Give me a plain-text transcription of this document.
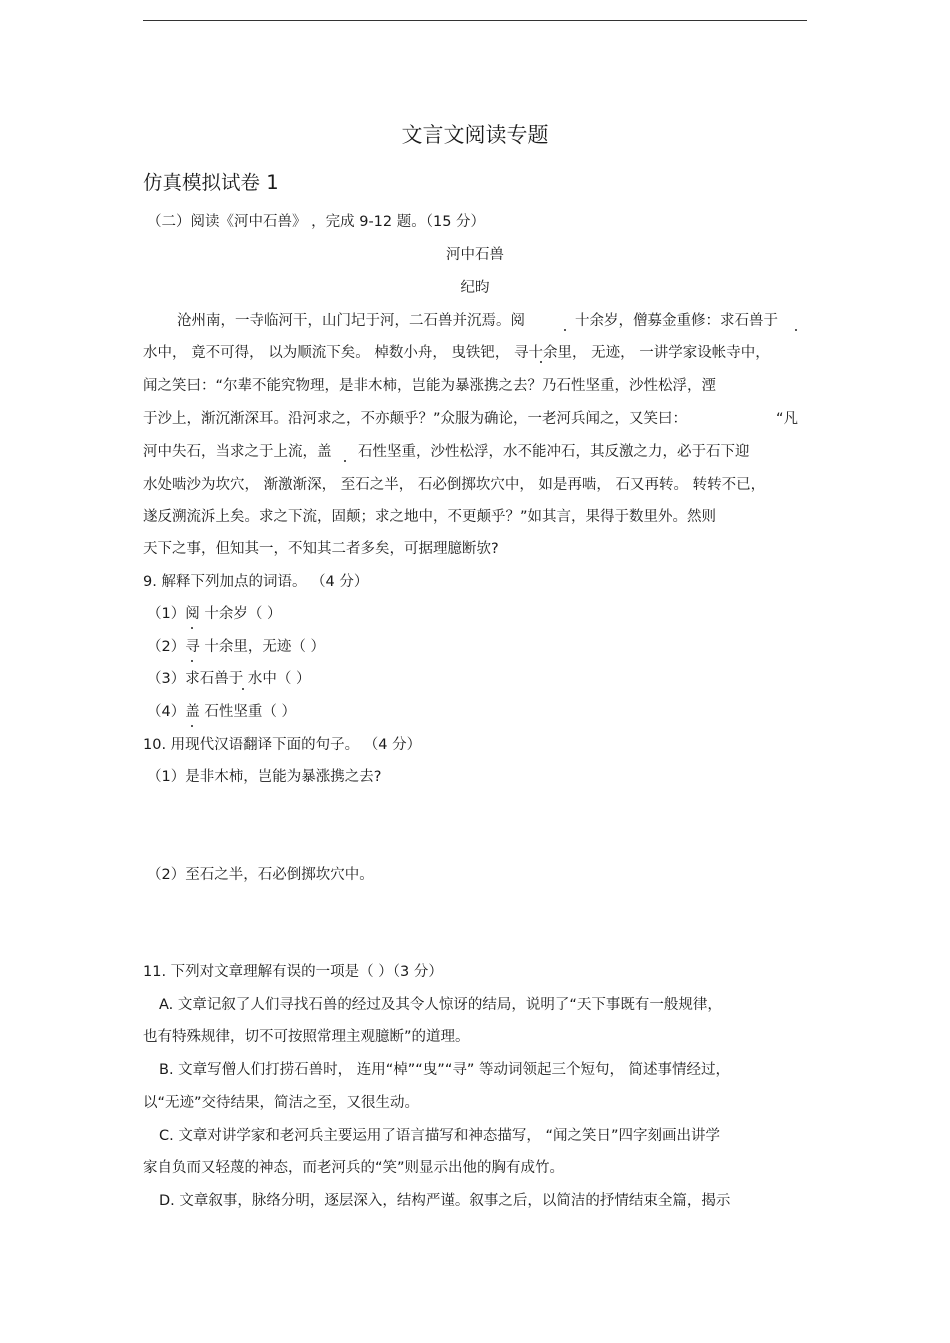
文言文阅读专题
仿真模拟试卷 1
（二）阅读《河中石兽》 ，完成 9-12 题。（15 分）
河中石兽
纪昀
沧州南，一寺临河干，山门圮于河，二石兽并沉焉。阅	十余岁，僧募金重修：求石兽于
水中， 竟不可得， 以为顺流下矣。 棹数小舟， 曳铁钯， 寻十余里， 无迹， 一讲学家设帐寺中，
闻之笑曰：“尔辈不能究物理，是非木柿，岂能为暴涨携之去？乃石性坚重，沙性松浮，湮
于沙上，渐沉渐深耳。沿河求之，不亦颠乎？”众服为确论，一老河兵闻之，又笑曰：	“凡
河中失石，当求之于上流，盖 石性坚重，沙性松浮，水不能冲石，其反激之力，必于石下迎
水处啮沙为坎穴， 渐激渐深， 至石之半， 石必倒掷坎穴中， 如是再啮， 石又再转。 转转不已，
遂反溯流泝上矣。求之下流，固颠；求之地中，不更颠乎？”如其言，果得于数里外。然则
天下之事，但知其一，不知其二者多矣，可据理臆断欤?
9. 解释下列加点的词语。 （4 分）
（1）阅 十余岁（ ）
（2）寻 十余里，无迹（ ）
（3）求石兽于 水中（ ）
（4）盖 石性坚重（ ）
10. 用现代汉语翻译下面的句子。 （4 分）
（1）是非木柿，岂能为暴涨携之去?
（2）至石之半，石必倒掷坎穴中。
11. 下列对文章理解有误的一项是（ ）（3 分）
A. 文章记叙了人们寻找石兽的经过及其令人惊讶的结局，说明了“天下事既有一般规律，
也有特殊规律，切不可按照常理主观臆断”的道理。
B. 文章写僧人们打捞石兽时， 连用“棹”“曳”“寻” 等动词领起三个短句， 简述事情经过，
以“无迹”交待结果，简洁之至，又很生动。
C. 文章对讲学家和老河兵主要运用了语言描写和神态描写， “闻之笑日”四字刻画出讲学
家自负而又轻蔑的神态，而老河兵的“笑”则显示出他的胸有成竹。
D. 文章叙事，脉络分明，逐层深入，结构严谨。叙事之后，以简洁的抒情结束全篇，揭示
